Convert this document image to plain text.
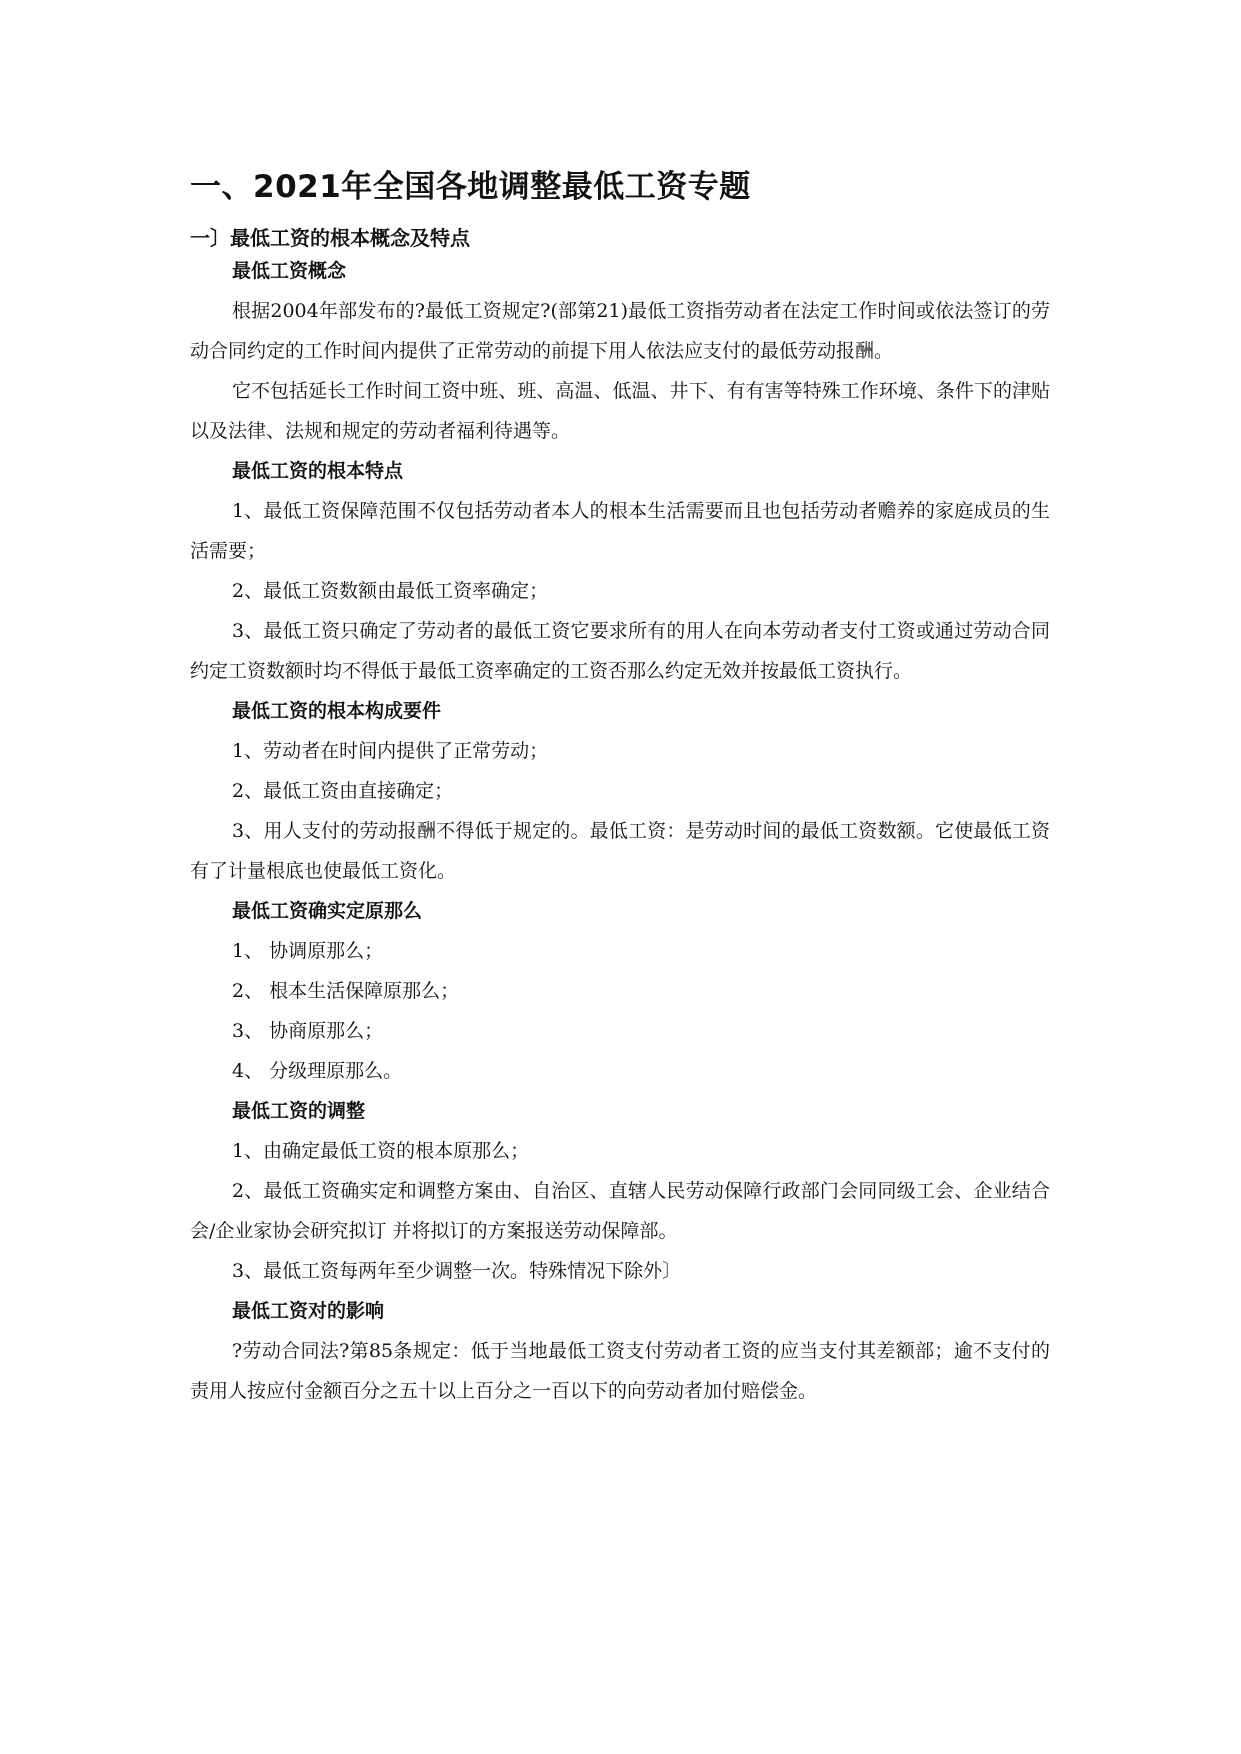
一、2021年全国各地调整最低工资专题
一〕最低工资的根本概念及特点
最低工资概念
根据2004年部发布的?最低工资规定?(部第21)最低工资指劳动者在法定工作时间或依法签订的劳动合同约定的工作时间内提供了正常劳动的前提下用人依法应支付的最低劳动报酬。
它不包括延长工作时间工资中班、班、高温、低温、井下、有有害等特殊工作环境、条件下的津贴以及法律、法规和规定的劳动者福利待遇等。
最低工资的根本特点
1、最低工资保障范围不仅包括劳动者本人的根本生活需要而且也包括劳动者赡养的家庭成员的生活需要；
2、最低工资数额由最低工资率确定；
3、最低工资只确定了劳动者的最低工资它要求所有的用人在向本劳动者支付工资或通过劳动合同约定工资数额时均不得低于最低工资率确定的工资否那么约定无效并按最低工资执行。
最低工资的根本构成要件
1、劳动者在时间内提供了正常劳动；
2、最低工资由直接确定；
3、用人支付的劳动报酬不得低于规定的。最低工资：是劳动时间的最低工资数额。它使最低工资有了计量根底也使最低工资化。
最低工资确实定原那么
1、 协调原那么；
2、 根本生活保障原那么；
3、 协商原那么；
4、 分级理原那么。
最低工资的调整
1、由确定最低工资的根本原那么；
2、最低工资确实定和调整方案由、自治区、直辖人民劳动保障行政部门会同同级工会、企业结合会/企业家协会研究拟订 并将拟订的方案报送劳动保障部。
3、最低工资每两年至少调整一次。特殊情况下除外〕
最低工资对的影响
?劳动合同法?第85条规定：低于当地最低工资支付劳动者工资的应当支付其差额部；逾不支付的责用人按应付金额百分之五十以上百分之一百以下的向劳动者加付赔偿金。
